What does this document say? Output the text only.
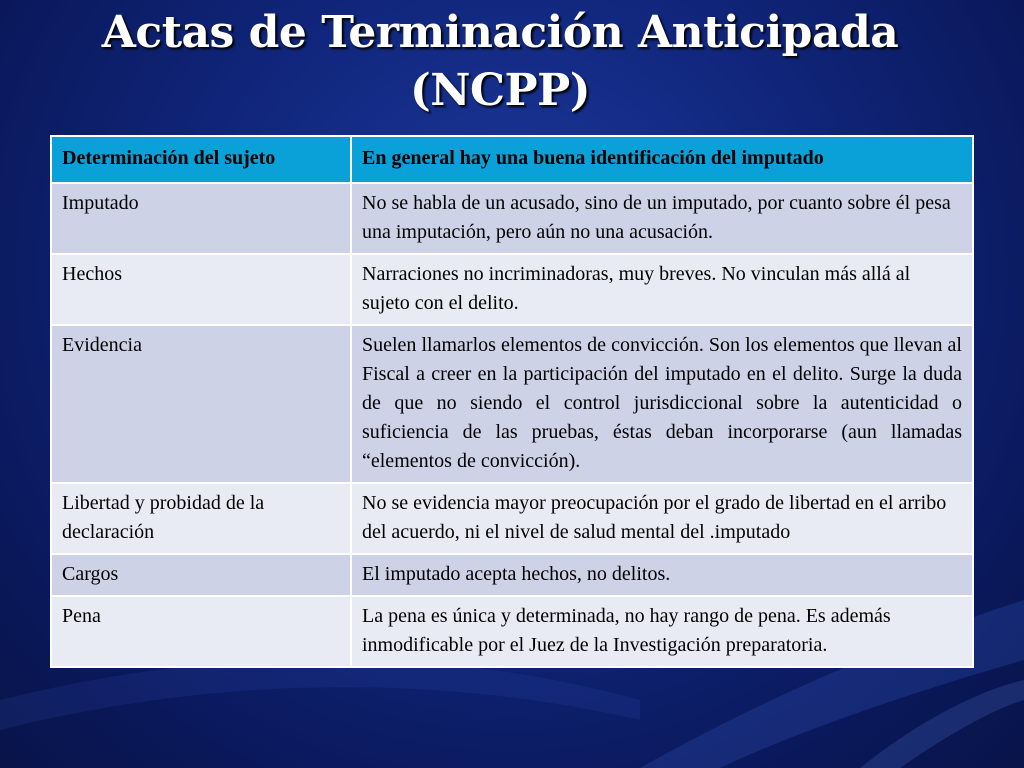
Actas de Terminación Anticipada
(NCPP)
Determinación del sujeto	En general hay una buena identificación del imputado
Imputado	No se habla de un acusado, sino de un imputado, por cuanto sobre él pesa una imputación, pero aún no una acusación.
Hechos	Narraciones no incriminadoras, muy breves. No vinculan más allá al sujeto con el delito.
Evidencia	Suelen llamarlos elementos de convicción. Son los elementos que llevan al Fiscal a creer en la participación del imputado en el delito. Surge la duda de que no siendo el control jurisdiccional sobre la autenticidad o suficiencia de las pruebas, éstas deban incorporarse (aun llamadas “elementos de convicción).
Libertad y probidad de la declaración	No se evidencia mayor preocupación por el grado de libertad en el arribo del acuerdo, ni el nivel de salud mental del .imputado
Cargos	El imputado acepta hechos, no delitos.
Pena	La pena es única y determinada, no hay rango de pena. Es además inmodificable por el Juez de la Investigación preparatoria.
